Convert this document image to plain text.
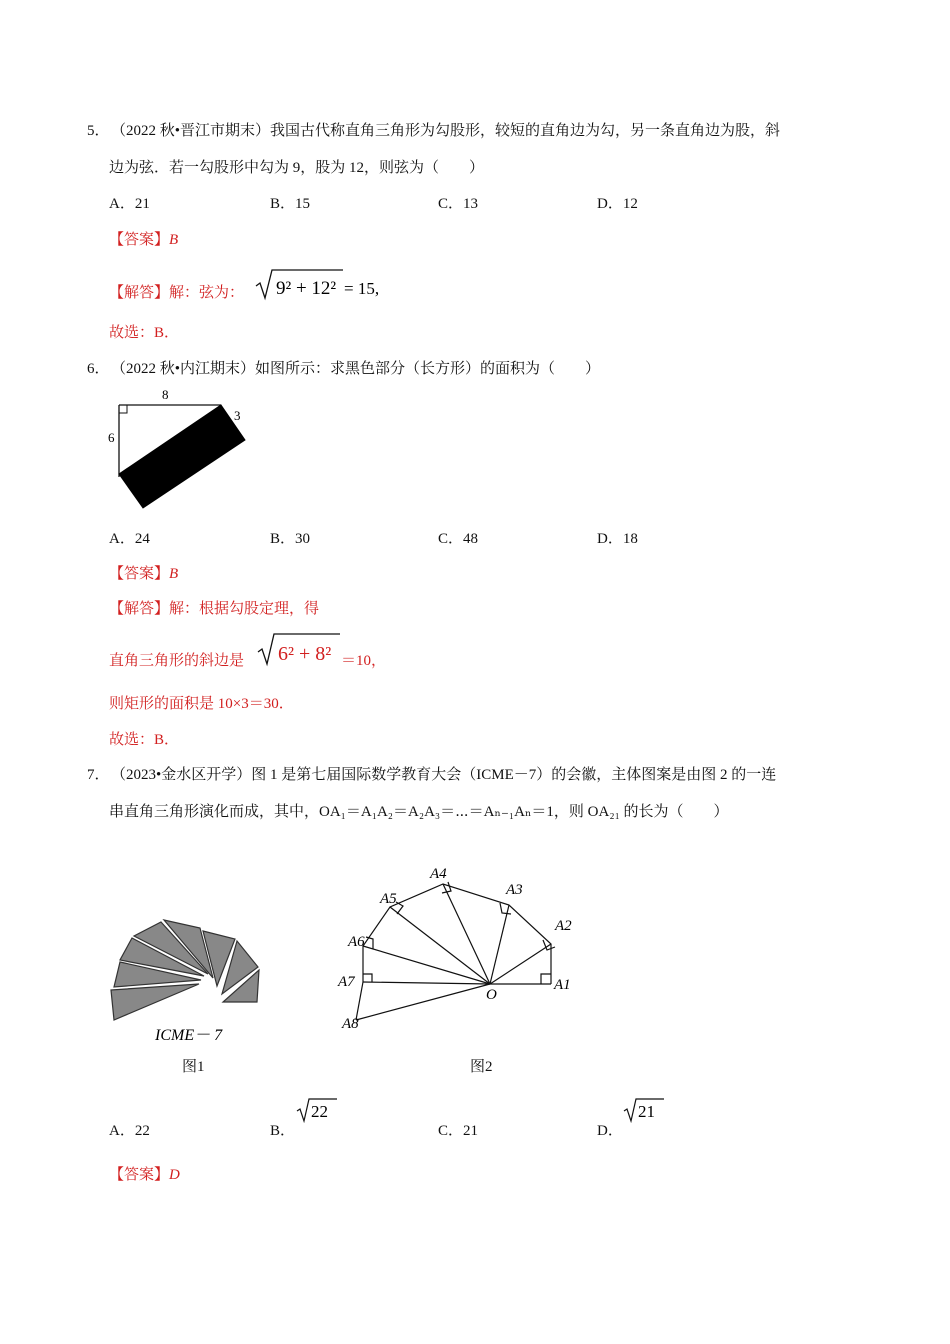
5． （2022 秋•晋江市期末）我国古代称直角三角形为勾股形，较短的直角边为勾，另一条直角边为股，斜
边为弦．若一勾股形中勾为 9，股为 12，则弦为（　　）
A．21	B．15	C．13	D．12
【答案】B
【解答】解：弦为： 9² + 12² = 15,
故选：B．
6． （2022 秋•内江期末）如图所示：求黑色部分（长方形）的面积为（　　）
8
6
3
A．24	B．30	C．48	D．18
【答案】B
【解答】解：根据勾股定理，得
直角三角形的斜边是 6² + 8² ＝10，
则矩形的面积是 10×3＝30．
故选：B．
7． （2023•金水区开学）图 1 是第七届国际数学教育大会（ICME－7）的会徽，主体图案是由图 2 的一连
串直角三角形演化而成，其中，OA₁＝A₁A₂＝A₂A₃＝⋯＝Aₙ₋₁Aₙ＝1，则 OA₂₁ 的长为（　　）
ICME－ 7
图1
A1
A2
A3
A4
A5
A6
A7
A8
O
图2
A．22	B．
22
C．21	D．
21
【答案】D
